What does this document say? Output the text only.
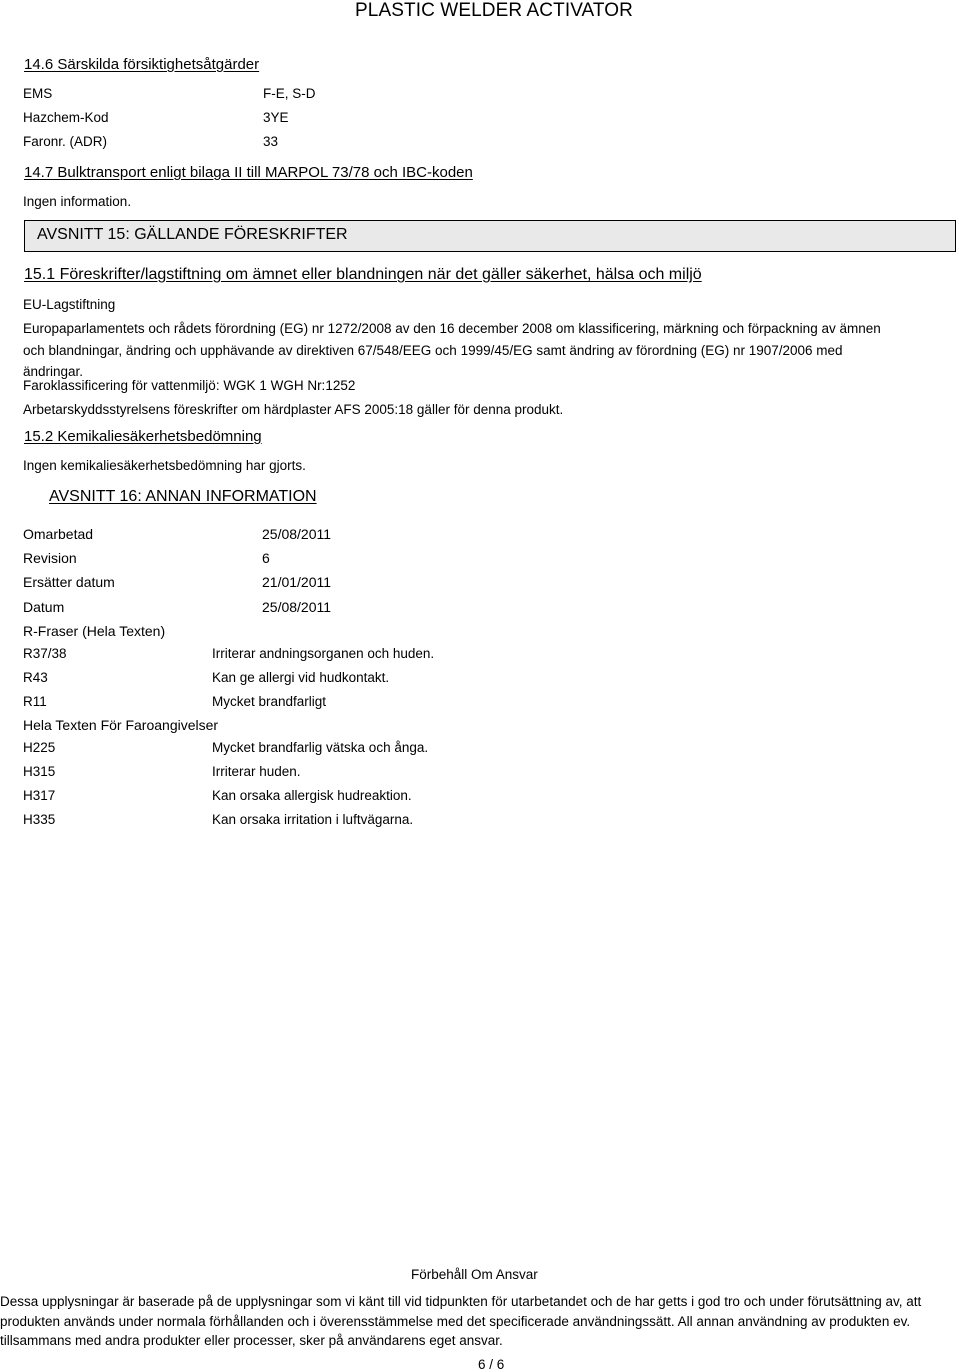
PLASTIC WELDER ACTIVATOR
14.6 Särskilda försiktighetsåtgärder
EMS	F-E, S-D
Hazchem-Kod	3YE
Faronr. (ADR)	33
14.7 Bulktransport enligt bilaga II till MARPOL 73/78 och IBC-koden
Ingen information.
AVSNITT 15: GÄLLANDE FÖRESKRIFTER
15.1 Föreskrifter/lagstiftning om ämnet eller blandningen när det gäller säkerhet, hälsa och miljö
EU-Lagstiftning
Europaparlamentets och rådets förordning (EG) nr 1272/2008 av den 16 december 2008 om klassificering, märkning och förpackning av ämnen och blandningar, ändring och upphävande av direktiven 67/548/EEG och 1999/45/EG samt ändring av förordning (EG) nr 1907/2006 med ändringar.
Faroklassificering för vattenmiljö: WGK 1 WGH Nr:1252
Arbetarskyddsstyrelsens föreskrifter om härdplaster AFS 2005:18 gäller för denna produkt.
15.2 Kemikaliesäkerhetsbedömning
Ingen kemikaliesäkerhetsbedömning har gjorts.
AVSNITT 16: ANNAN INFORMATION
Omarbetad	25/08/2011
Revision	6
Ersätter datum	21/01/2011
Datum	25/08/2011
R-Fraser (Hela Texten)
R37/38	Irriterar andningsorganen och huden.
R43	Kan ge allergi vid hudkontakt.
R11	Mycket brandfarligt
Hela Texten För Faroangivelser
H225	Mycket brandfarlig vätska och ånga.
H315	Irriterar huden.
H317	Kan orsaka allergisk hudreaktion.
H335	Kan orsaka irritation i luftvägarna.
Förbehåll Om Ansvar
Dessa upplysningar är baserade på de upplysningar som vi känt till vid tidpunkten för utarbetandet och de har getts i god tro och under förutsättning av, att produkten används under normala förhållanden och i överensstämmelse med det specificerade användningssätt. All annan användning av produkten ev. tillsammans med andra produkter eller processer, sker på användarens eget ansvar.
6 / 6
